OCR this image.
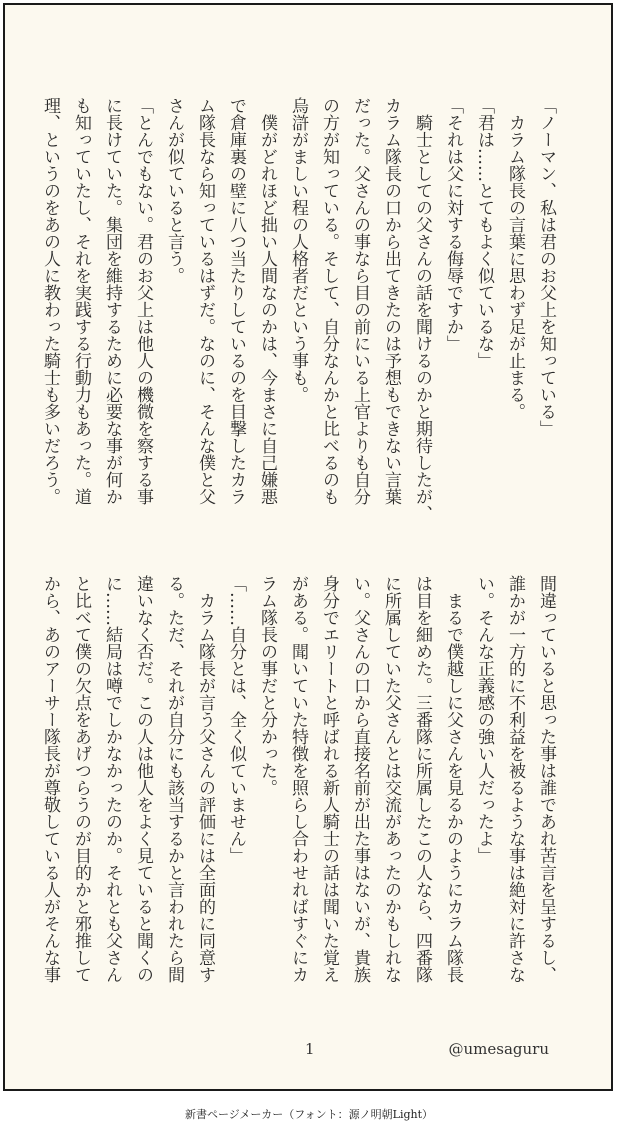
「ノーマン、私は君のお父上を知っている」

　カラム隊長の言葉に思わず足が止まる。

「君は……とてもよく似ているな」

「それは父に対する侮辱ですか」

　騎士としての父さんの話を聞けるのかと期待したが、

カラム隊長の口から出てきたのは予想もできない言葉

だった。父さんの事なら目の前にいる上官よりも自分

の方が知っている。そして、自分なんかと比べるのも

烏滸がましい程の人格者だという事も。

　僕がどれほど拙い人間なのかは、今まさに自己嫌悪

で倉庫裏の壁に八つ当たりしているのを目撃したカラ

ム隊長なら知っているはずだ。なのに、そんな僕と父

さんが似ていると言う。

「とんでもない。君のお父上は他人の機微を察する事

に長けていた。集団を維持するために必要な事が何か

も知っていたし、それを実践する行動力もあった。道

理、というのをあの人に教わった騎士も多いだろう。

間違っていると思った事は誰であれ苦言を呈するし、

誰かが一方的に不利益を被るような事は絶対に許さな

い。そんな正義感の強い人だったよ」

　まるで僕越しに父さんを見るかのようにカラム隊長

は目を細めた。三番隊に所属したこの人なら、四番隊

に所属していた父さんとは交流があったのかもしれな

い。父さんの口から直接名前が出た事はないが、貴族

身分でエリートと呼ばれる新人騎士の話は聞いた覚え

がある。聞いていた特徴を照らし合わせればすぐにカ

ラム隊長の事だと分かった。

「……自分とは、全く似ていません」

　カラム隊長が言う父さんの評価には全面的に同意す

る。ただ、それが自分にも該当するかと言われたら間

違いなく否だ。この人は他人をよく見ていると聞くの

に……結局は噂でしかなかったのか。それとも父さん

と比べて僕の欠点をあげつらうのが目的かと邪推して

から、あのアーサー隊長が尊敬している人がそんな事

1	@umesaguru
新書ページメーカー（フォント：源ノ明朝Light）
